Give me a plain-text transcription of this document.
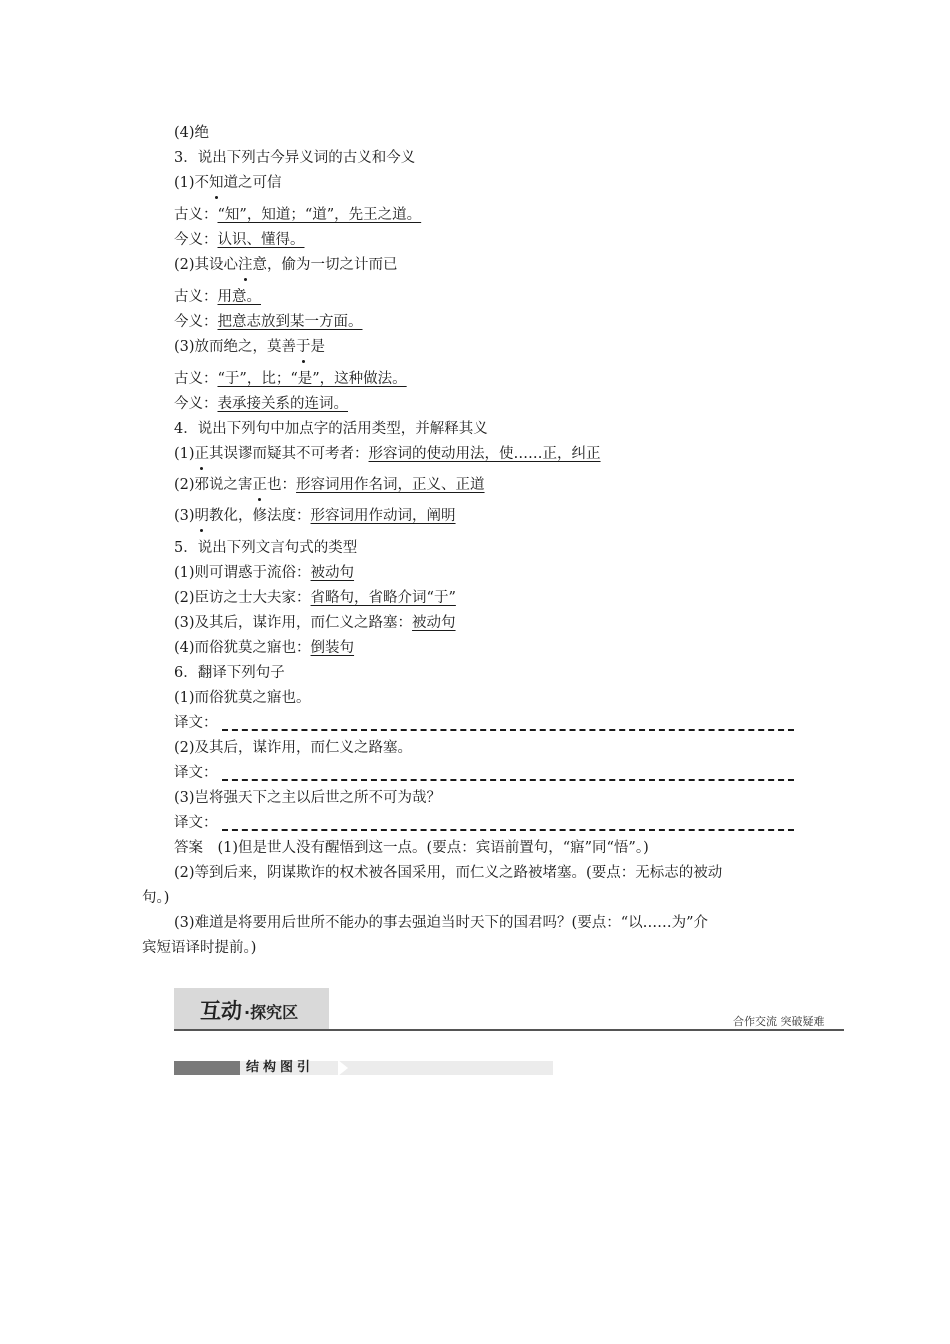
(4)绝
3．说出下列古今异义词的古义和今义
(1)不知道之可信
古义：“知”，知道；“道”，先王之道。
今义：认识、懂得。
(2)其设心注意，偷为一切之计而已
古义：用意。
今义：把意志放到某一方面。
(3)放而绝之，莫善于是
古义：“于”，比；“是”，这种做法。
今义：表承接关系的连词。
4．说出下列句中加点字的活用类型，并解释其义
(1)正其误谬而疑其不可考者：形容词的使动用法，使……正，纠正
(2)邪说之害正也：形容词用作名词，正义、正道
(3)明教化，修法度：形容词用作动词，阐明
5．说出下列文言句式的类型
(1)则可谓惑于流俗：被动句
(2)臣访之士大夫家：省略句，省略介词“于”
(3)及其后，谋诈用，而仁义之路塞：被动句
(4)而俗犹莫之寤也：倒装句
6．翻译下列句子
(1)而俗犹莫之寤也。
译文：
(2)及其后，谋诈用，而仁义之路塞。
译文：
(3)岂将强天下之主以后世之所不可为哉？
译文：
答案　(1)但是世人没有醒悟到这一点。(要点：宾语前置句，“寤”同“悟”。)
(2)等到后来，阴谋欺诈的权术被各国采用，而仁义之路被堵塞。(要点：无标志的被动
句。)
(3)难道是将要用后世所不能办的事去强迫当时天下的国君吗？(要点：“以……为”介
宾短语译时提前。)
互动 ·探究区	合作交流 突破疑难
结构图引
